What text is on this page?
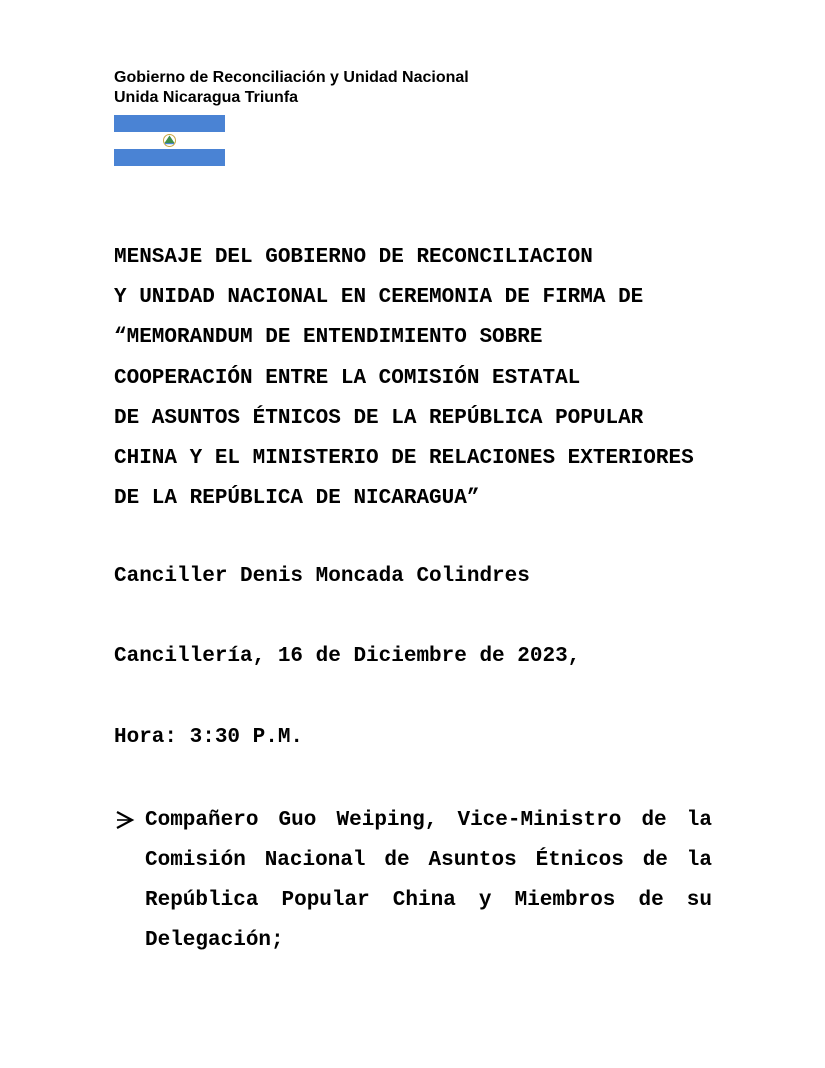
Gobierno de Reconciliación y Unidad Nacional
Unida Nicaragua Triunfa
MENSAJE DEL GOBIERNO DE RECONCILIACION
Y UNIDAD NACIONAL EN CEREMONIA DE FIRMA DE
“MEMORANDUM DE ENTENDIMIENTO SOBRE
COOPERACIÓN ENTRE LA COMISIÓN ESTATAL
DE ASUNTOS ÉTNICOS DE LA REPÚBLICA POPULAR
CHINA Y EL MINISTERIO DE RELACIONES EXTERIORES
DE LA REPÚBLICA DE NICARAGUA”
Canciller Denis Moncada Colindres
Cancillería, 16 de Diciembre de 2023,
Hora: 3:30 P.M.
Compañero Guo Weiping, Vice-Ministro de la Comisión Nacional de Asuntos Étnicos de la República Popular China y Miembros de su Delegación;
